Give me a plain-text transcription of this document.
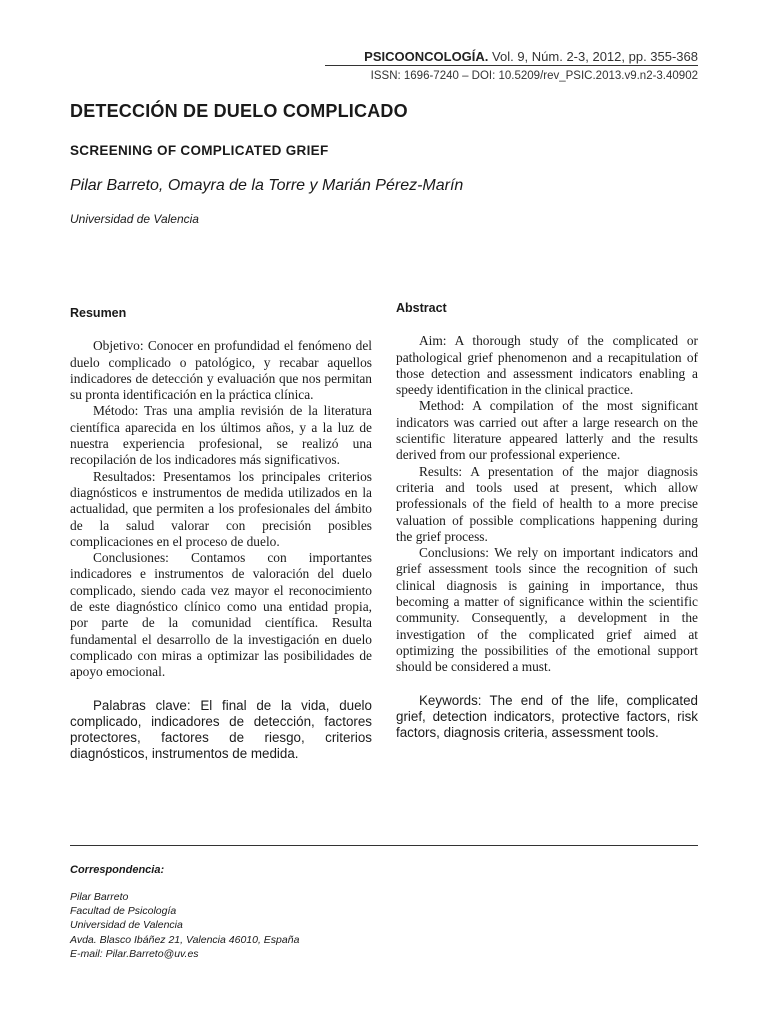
PSICOONCOLOGÍA. Vol. 9, Núm. 2-3, 2012, pp. 355-368
ISSN: 1696-7240 – DOI: 10.5209/rev_PSIC.2013.v9.n2-3.40902
DETECCIÓN DE DUELO COMPLICADO
SCREENING OF COMPLICATED GRIEF

Pilar Barreto, Omayra de la Torre y Marián Pérez-Marín

Universidad de Valencia

Resumen

Objetivo: Conocer en profundidad el fenómeno del duelo complicado o patológico, y recabar aquellos indicadores de detección y evaluación que nos permitan su pronta identificación en la práctica clínica.

Método: Tras una amplia revisión de la literatura científica aparecida en los últimos años, y a la luz de nuestra experiencia profesional, se realizó una recopilación de los indicadores más significativos.

Resultados: Presentamos los principales criterios diagnósticos e instrumentos de medida utilizados en la actualidad, que permiten a los profesionales del ámbito de la salud valorar con precisión posibles complicaciones en el proceso de duelo.

Conclusiones: Contamos con importantes indicadores e instrumentos de valoración del duelo complicado, siendo cada vez mayor el reconocimiento de este diagnóstico clínico como una entidad propia, por parte de la comunidad científica. Resulta fundamental el desarrollo de la investigación en duelo complicado con miras a optimizar las posibilidades de apoyo emocional.

Palabras clave: El final de la vida, duelo complicado, indicadores de detección, factores protectores, factores de riesgo, criterios diagnósticos, instrumentos de medida.

Abstract

Aim: A thorough study of the complicated or pathological grief phenomenon and a recapitulation of those detection and assessment indicators enabling a speedy identification in the clinical practice.

Method: A compilation of the most significant indicators was carried out after a large research on the scientific literature appeared latterly and the results derived from our professional experience.

Results: A presentation of the major diagnosis criteria and tools used at present, which allow professionals of the field of health to a more precise valuation of possible complications happening during the grief process.

Conclusions: We rely on important indicators and grief assessment tools since the recognition of such clinical diagnosis is gaining in importance, thus becoming a matter of significance within the scientific community. Consequently, a development in the investigation of the complicated grief aimed at optimizing the possibilities of the emotional support should be considered a must.

Keywords: The end of the life, complicated grief, detection indicators, protective factors, risk factors, diagnosis criteria, assessment tools.

Correspondencia:

Pilar Barreto
Facultad de Psicología
Universidad de Valencia
Avda. Blasco Ibáñez 21, Valencia 46010, España
E-mail: Pilar.Barreto@uv.es
